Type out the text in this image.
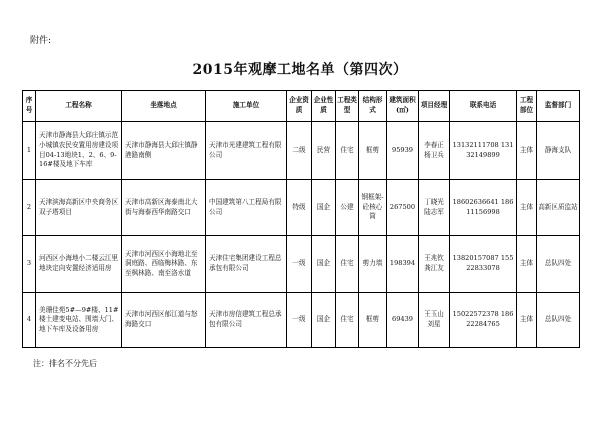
附件:
2015年观摩工地名单（第四次）
序号	工程名称	坐落地点	施工单位	企业资质	企业性质	工程类型	结构形式	建筑面积(㎡)	项目经理	联系电话	工程部位	监督部门
1	天津市静海县大邱庄镇示范小城镇农民安置用房建设项目04-13地块1、2、6、9-16#楼及地下车库	天津市静海县大邱庄镇静港路南侧	天津市光建建筑工程有限公司	二级	民营	住宅	框剪	95939	李春正 杨卫兵	13132111708 13132149899	主体	静海支队
2	天津滨海高新区中央商务区双子塔项目	天津市高新区海泰南北大街与海泰西华南路交口	中国建筑第八工程局有限公司	特级	国企	公建	钢框架-砼核心筒	267500	丁晓光 陆志军	18602636641 18611156998	主体	高新区质监站
3	河西区小海地小二楼云江里地块定向安置经济适用房	天津市河西区小海地北至洞庭路、西临梅林路、东至枫林路、南至洛水道	天津住宅集团建设工程总承包有限公司	一级	国企	住宅	剪力墙	198394	王兆钦 龚江友	13820157087 15522833078	主体	总队四处
4	美珊佳苑5#—9#楼、11#楼土建变电站、围墙大门、地下车库及设备用房	天津市河西区郁江道与怒海路交口	天津市房信建筑工程总承包有限公司	一级	国企	住宅	框剪	69439	王玉山 刘星	15022572378 18622284765	主体	总队四处
注：排名不分先后
